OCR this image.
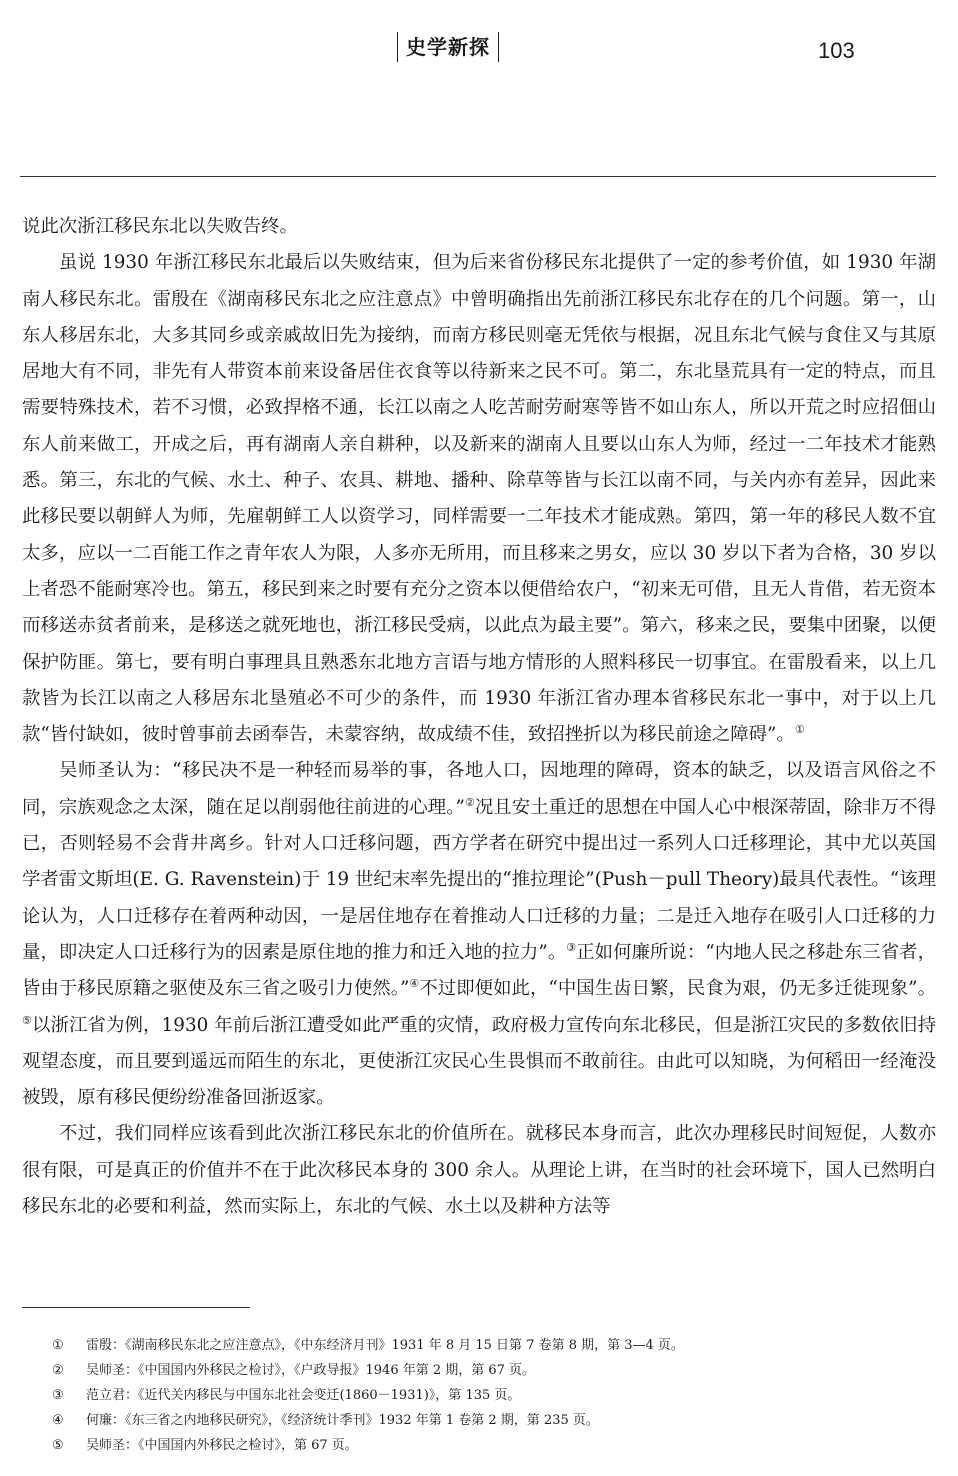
史学新探	103

说此次浙江移民东北以失败告终。

虽说 1930 年浙江移民东北最后以失败结束，但为后来省份移民东北提供了一定的参考价值，如 1930 年湖南人移民东北。雷殷在《湖南移民东北之应注意点》中曾明确指出先前浙江移民东北存在的几个问题。第一，山东人移居东北，大多其同乡或亲戚故旧先为接纳，而南方移民则毫无凭依与根据，况且东北气候与食住又与其原居地大有不同，非先有人带资本前来设备居住衣食等以待新来之民不可。第二，东北垦荒具有一定的特点，而且需要特殊技术，若不习惯，必致捍格不通，长江以南之人吃苦耐劳耐寒等皆不如山东人，所以开荒之时应招佃山东人前来做工，开成之后，再有湖南人亲自耕种，以及新来的湖南人且要以山东人为师，经过一二年技术才能熟悉。第三，东北的气候、水土、种子、农具、耕地、播种、除草等皆与长江以南不同，与关内亦有差异，因此来此移民要以朝鲜人为师，先雇朝鲜工人以资学习，同样需要一二年技术才能成熟。第四，第一年的移民人数不宜太多，应以一二百能工作之青年农人为限，人多亦无所用，而且移来之男女，应以 30 岁以下者为合格，30 岁以上者恐不能耐寒冷也。第五，移民到来之时要有充分之资本以便借给农户，“初来无可借，且无人肯借，若无资本而移送赤贫者前来，是移送之就死地也，浙江移民受病，以此点为最主要”。第六，移来之民，要集中团聚，以便保护防匪。第七，要有明白事理具且熟悉东北地方言语与地方情形的人照料移民一切事宜。在雷殷看来，以上几款皆为长江以南之人移居东北垦殖必不可少的条件，而 1930 年浙江省办理本省移民东北一事中，对于以上几款“皆付缺如，彼时曾事前去函奉告，未蒙容纳，故成绩不佳，致招挫折以为移民前途之障碍”。①

吴师圣认为：“移民决不是一种轻而易举的事，各地人口，因地理的障碍，资本的缺乏，以及语言风俗之不同，宗族观念之太深，随在足以削弱他往前进的心理。”②况且安土重迁的思想在中国人心中根深蒂固，除非万不得已，否则轻易不会背井离乡。针对人口迁移问题，西方学者在研究中提出过一系列人口迁移理论，其中尤以英国学者雷文斯坦(E. G. Ravenstein)于 19 世纪末率先提出的“推拉理论”(Push－pull Theory)最具代表性。“该理论认为，人口迁移存在着两种动因，一是居住地存在着推动人口迁移的力量；二是迁入地存在吸引人口迁移的力量，即决定人口迁移行为的因素是原住地的推力和迁入地的拉力”。③正如何廉所说：“内地人民之移赴东三省者，皆由于移民原籍之驱使及东三省之吸引力使然。”④不过即便如此，“中国生齿日繁，民食为艰，仍无多迁徙现象”。⑤以浙江省为例，1930 年前后浙江遭受如此严重的灾情，政府极力宣传向东北移民，但是浙江灾民的多数依旧持观望态度，而且要到遥远而陌生的东北，更使浙江灾民心生畏惧而不敢前往。由此可以知晓，为何稻田一经淹没被毁，原有移民便纷纷准备回浙返家。

不过，我们同样应该看到此次浙江移民东北的价值所在。就移民本身而言，此次办理移民时间短促，人数亦很有限，可是真正的价值并不在于此次移民本身的 300 余人。从理论上讲，在当时的社会环境下，国人已然明白移民东北的必要和利益，然而实际上，东北的气候、水土以及耕种方法等

①	雷殷：《湖南移民东北之应注意点》，《中东经济月刊》1931 年 8 月 15 日第 7 卷第 8 期，第 3—4 页。
②	吴师圣：《中国国内外移民之检讨》，《户政导报》1946 年第 2 期，第 67 页。
③	范立君：《近代关内移民与中国东北社会变迁(1860－1931)》，第 135 页。
④	何廉：《东三省之内地移民研究》，《经济统计季刊》1932 年第 1 卷第 2 期，第 235 页。
⑤	吴师圣：《中国国内外移民之检讨》，第 67 页。
